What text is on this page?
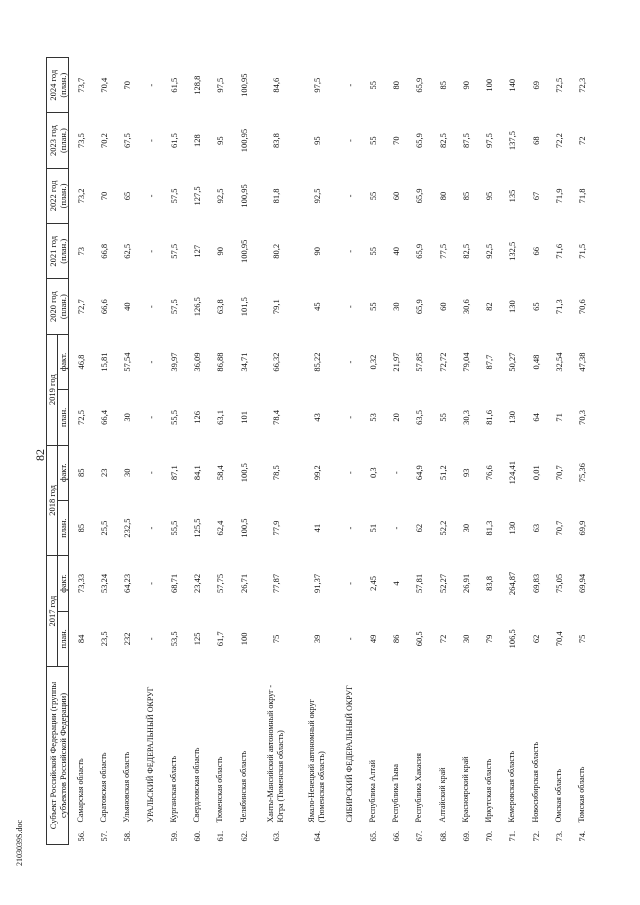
82
2103039S.doc
Субъект Российской Федерации (группы субъектов Российской Федерации)		2017 год		2018 год		2019 год		2020 год (план.)	2021 год (план.)	2022 год (план.)	2023 год (план.)	2024 год (план.)
		план.	факт.	план.	факт.	план.	факт.					
56.	Самарская область	84	73,33	85	85	72,5	46,8	72,7	73	73,2	73,5	73,7
57.	Саратовская область	23,5	53,24	25,5	23	66,4	15,81	66,6	66,8	70	70,2	70,4
58.	Ульяновская область	232	64,23	232,5	30	30	57,54	40	62,5	65	67,5	70
	УРАЛЬСКИЙ ФЕДЕРАЛЬНЫЙ ОКРУГ	-	-	-	-	-	-	-	-	-	-	-
59.	Курганская область	53,5	68,71	55,5	87,1	55,5	39,97	57,5	57,5	57,5	61,5	61,5
60.	Свердловская область	125	23,42	125,5	84,1	126	36,09	126,5	127	127,5	128	128,8
61.	Тюменская область	61,7	57,75	62,4	58,4	63,1	86,88	63,8	90	92,5	95	97,5
62.	Челябинская область	100	26,71	100,5	100,5	101	34,71	101,5	100,95	100,95	100,95	100,95
63.	Ханты-Мансийский автономный округ - Югра (Тюменская область)	75	77,87	77,9	78,5	78,4	66,32	79,1	80,2	81,8	83,8	84,6
64.	Ямало-Ненецкий автономный округ (Тюменская область)	39	91,37	41	99,2	43	85,22	45	90	92,5	95	97,5
	СИБИРСКИЙ ФЕДЕРАЛЬНЫЙ ОКРУГ	-	-	-	-	-	-	-	-	-	-	-
65.	Республика Алтай	49	2,45	51	0,3	53	0,32	55	55	55	55	55
66.	Республика Тыва	86	4	-	-	20	21,97	30	40	60	70	80
67.	Республика Хакасия	60,5	57,81	62	64,9	63,5	57,85	65,9	65,9	65,9	65,9	65,9
68.	Алтайский край	72	52,27	52,2	51,2	55	72,72	60	77,5	80	82,5	85
69.	Красноярский край	30	26,91	30	93	30,3	79,04	30,6	82,5	85	87,5	90
70.	Иркутская область	79	83,8	81,3	76,6	81,6	87,7	82	92,5	95	97,5	100
71.	Кемеровская область	106,5	264,87	130	124,41	130	50,27	130	132,5	135	137,5	140
72.	Новосибирская область	62	69,83	63	0,01	64	0,48	65	66	67	68	69
73.	Омская область	70,4	75,05	70,7	70,7	71	32,54	71,3	71,6	71,9	72,2	72,5
74.	Томская область	75	69,94	69,9	75,36	70,3	47,38	70,6	71,5	71,8	72	72,3
